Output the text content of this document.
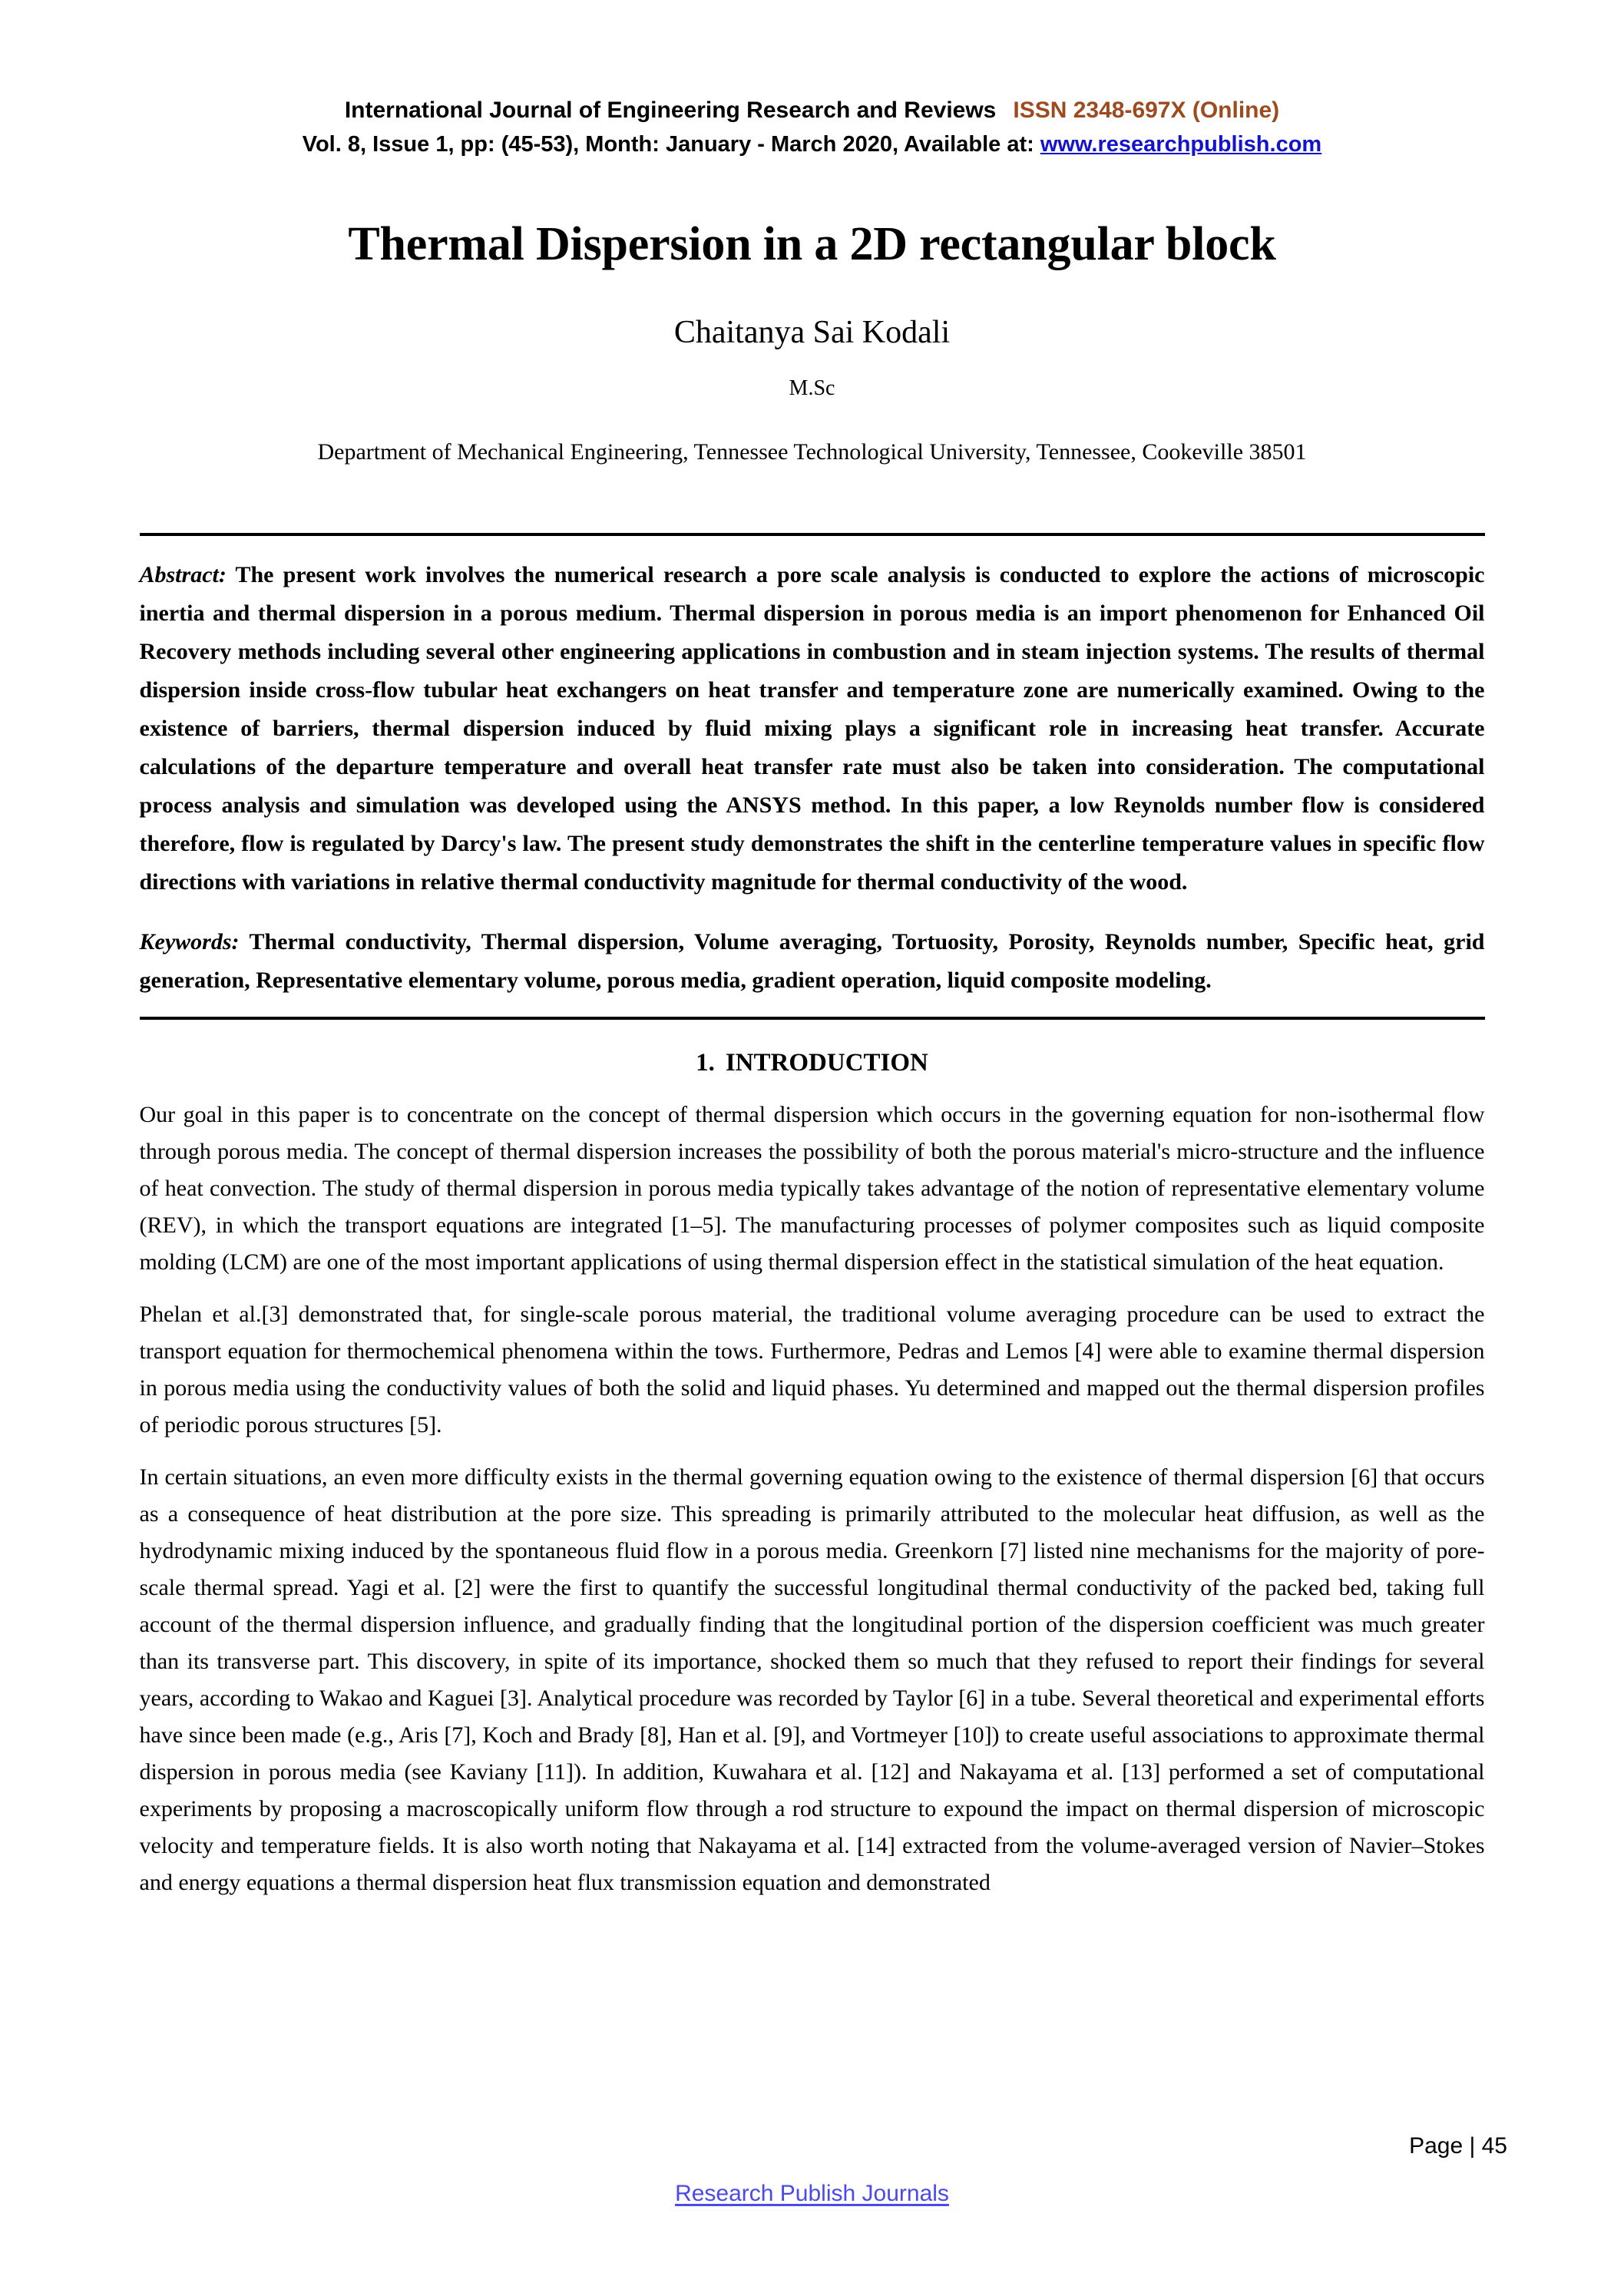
International Journal of Engineering Research and Reviews ISSN 2348-697X (Online)
Vol. 8, Issue 1, pp: (45-53), Month: January - March 2020, Available at: www.researchpublish.com
Thermal Dispersion in a 2D rectangular block
Chaitanya Sai Kodali
M.Sc
Department of Mechanical Engineering, Tennessee Technological University, Tennessee, Cookeville 38501

Abstract: The present work involves the numerical research a pore scale analysis is conducted to explore the actions of microscopic inertia and thermal dispersion in a porous medium. Thermal dispersion in porous media is an import phenomenon for Enhanced Oil Recovery methods including several other engineering applications in combustion and in steam injection systems. The results of thermal dispersion inside cross-flow tubular heat exchangers on heat transfer and temperature zone are numerically examined. Owing to the existence of barriers, thermal dispersion induced by fluid mixing plays a significant role in increasing heat transfer. Accurate calculations of the departure temperature and overall heat transfer rate must also be taken into consideration. The computational process analysis and simulation was developed using the ANSYS method. In this paper, a low Reynolds number flow is considered therefore, flow is regulated by Darcy's law. The present study demonstrates the shift in the centerline temperature values in specific flow directions with variations in relative thermal conductivity magnitude for thermal conductivity of the wood.

Keywords: Thermal conductivity, Thermal dispersion, Volume averaging, Tortuosity, Porosity, Reynolds number, Specific heat, grid generation, Representative elementary volume, porous media, gradient operation, liquid composite modeling.

1. INTRODUCTION

Our goal in this paper is to concentrate on the concept of thermal dispersion which occurs in the governing equation for non-isothermal flow through porous media. The concept of thermal dispersion increases the possibility of both the porous material's micro-structure and the influence of heat convection. The study of thermal dispersion in porous media typically takes advantage of the notion of representative elementary volume (REV), in which the transport equations are integrated [1–5]. The manufacturing processes of polymer composites such as liquid composite molding (LCM) are one of the most important applications of using thermal dispersion effect in the statistical simulation of the heat equation.

Phelan et al.[3] demonstrated that, for single-scale porous material, the traditional volume averaging procedure can be used to extract the transport equation for thermochemical phenomena within the tows. Furthermore, Pedras and Lemos [4] were able to examine thermal dispersion in porous media using the conductivity values of both the solid and liquid phases. Yu determined and mapped out the thermal dispersion profiles of periodic porous structures [5].

In certain situations, an even more difficulty exists in the thermal governing equation owing to the existence of thermal dispersion [6] that occurs as a consequence of heat distribution at the pore size. This spreading is primarily attributed to the molecular heat diffusion, as well as the hydrodynamic mixing induced by the spontaneous fluid flow in a porous media. Greenkorn [7] listed nine mechanisms for the majority of pore-scale thermal spread. Yagi et al. [2] were the first to quantify the successful longitudinal thermal conductivity of the packed bed, taking full account of the thermal dispersion influence, and gradually finding that the longitudinal portion of the dispersion coefficient was much greater than its transverse part. This discovery, in spite of its importance, shocked them so much that they refused to report their findings for several years, according to Wakao and Kaguei [3]. Analytical procedure was recorded by Taylor [6] in a tube. Several theoretical and experimental efforts have since been made (e.g., Aris [7], Koch and Brady [8], Han et al. [9], and Vortmeyer [10]) to create useful associations to approximate thermal dispersion in porous media (see Kaviany [11]). In addition, Kuwahara et al. [12] and Nakayama et al. [13] performed a set of computational experiments by proposing a macroscopically uniform flow through a rod structure to expound the impact on thermal dispersion of microscopic velocity and temperature fields. It is also worth noting that Nakayama et al. [14] extracted from the volume-averaged version of Navier–Stokes and energy equations a thermal dispersion heat flux transmission equation and demonstrated

Page | 45
Research Publish Journals
